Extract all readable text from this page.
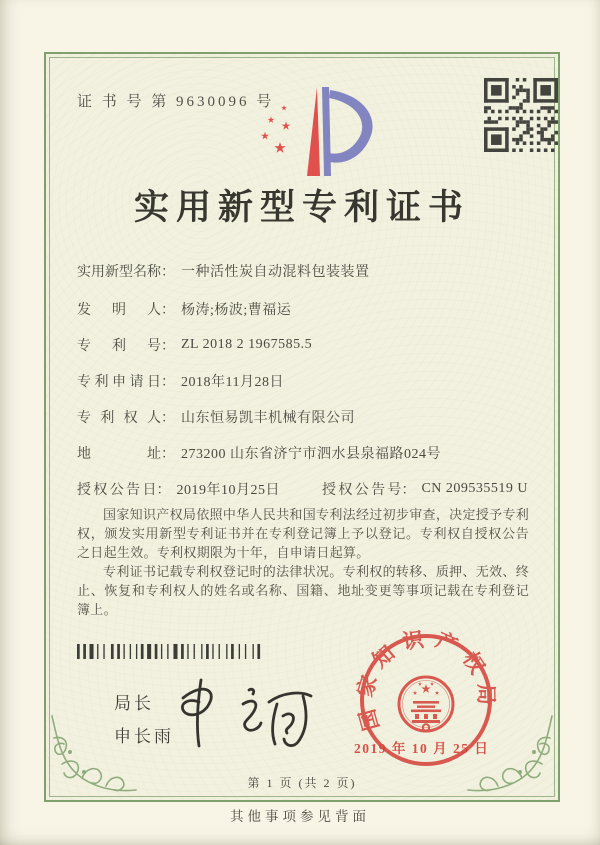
证 书 号 第 9630096 号
实用新型专利证书
实用新型名称 ： 一种活性炭自动混料包装装置
发明人 ： 杨涛;杨波;曹福运
专利号 ： ZL 2018 2 1967585.5
专利申请日 ： 2018年11月28日
专利权人 ： 山东恒易凯丰机械有限公司
地址 ： 273200 山东省济宁市泗水县泉福路024号
授权公告日 ： 2019年10月25日	授权公告号 ： CN 209535519 U

国家知识产权局依照中华人民共和国专利法经过初步审查，决定授予专利权，颁发实用新型专利证书并在专利登记簿上予以登记。专利权自授权公告之日起生效。专利权期限为十年，自申请日起算。

专利证书记载专利权登记时的法律状况。专利权的转移、质押、无效、终止、恢复和专利权人的姓名或名称、国籍、地址变更等事项记载在专利登记簿上。

局长
申长雨
国家知识产权局
2019 年 10 月 25 日
第 1 页 (共 2 页)
其他事项参见背面
